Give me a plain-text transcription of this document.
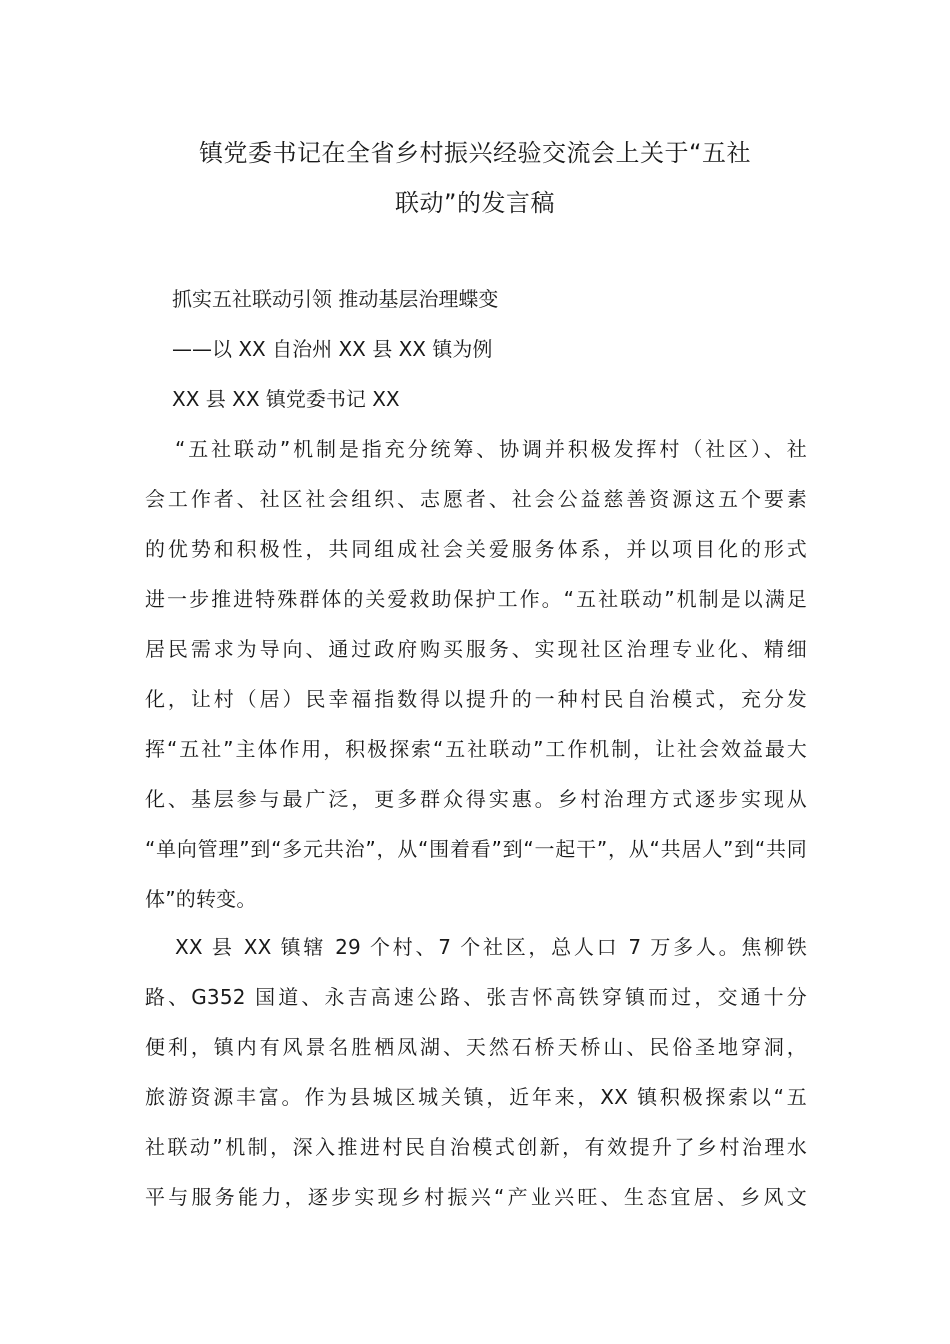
镇党委书记在全省乡村振兴经验交流会上关于“五社
联动”的发言稿
抓实五社联动引领 推动基层治理蝶变
——以 XX 自治州 XX 县 XX 镇为例
XX 县 XX 镇党委书记 XX
“五社联动”机制是指充分统筹、协调并积极发挥村（社区）、社
会工作者、社区社会组织、志愿者、社会公益慈善资源这五个要素
的优势和积极性，共同组成社会关爱服务体系，并以项目化的形式
进一步推进特殊群体的关爱救助保护工作。“五社联动”机制是以满足
居民需求为导向、通过政府购买服务、实现社区治理专业化、精细
化，让村（居）民幸福指数得以提升的一种村民自治模式，充分发
挥“五社”主体作用，积极探索“五社联动”工作机制，让社会效益最大
化、基层参与最广泛，更多群众得实惠。乡村治理方式逐步实现从
“单向管理”到“多元共治”，从“围着看”到“一起干”，从“共居人”到“共同
体”的转变。
XX 县 XX 镇辖 29 个村、7 个社区，总人口 7 万多人。焦柳铁
路、G352 国道、永吉高速公路、张吉怀高铁穿镇而过，交通十分
便利，镇内有风景名胜栖凤湖、天然石桥天桥山、民俗圣地穿洞，
旅游资源丰富。作为县城区城关镇，近年来，XX 镇积极探索以“五
社联动”机制，深入推进村民自治模式创新，有效提升了乡村治理水
平与服务能力，逐步实现乡村振兴“产业兴旺、生态宜居、乡风文
